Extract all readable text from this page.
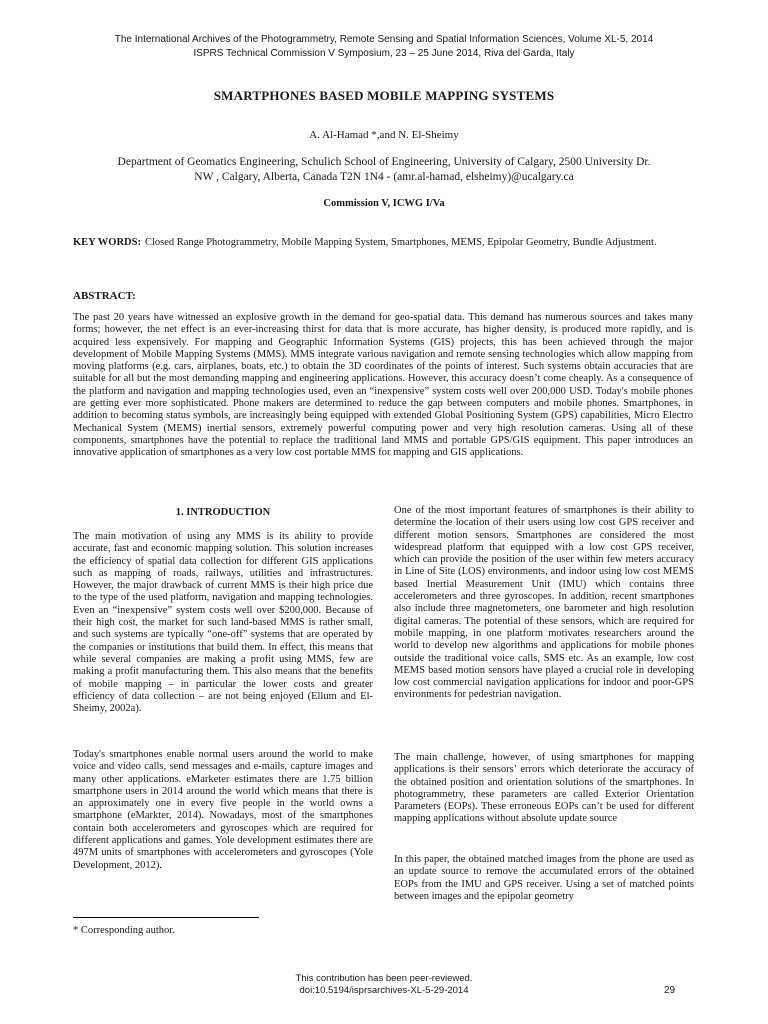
The International Archives of the Photogrammetry, Remote Sensing and Spatial Information Sciences, Volume XL-5, 2014
ISPRS Technical Commission V Symposium, 23 – 25 June 2014, Riva del Garda, Italy
SMARTPHONES BASED MOBILE MAPPING SYSTEMS
A. Al-Hamad *,and N. El-Sheimy
Department of Geomatics Engineering, Schulich School of Engineering, University of Calgary, 2500 University Dr.
NW , Calgary, Alberta, Canada T2N 1N4 - (amr.al-hamad, elsheimy)@ucalgary.ca
Commission V, ICWG I/Va
KEY WORDS: Closed Range Photogrammetry, Mobile Mapping System, Smartphones, MEMS, Epipolar Geometry, Bundle Adjustment.
ABSTRACT:
The past 20 years have witnessed an explosive growth in the demand for geo-spatial data. This demand has numerous sources and takes many forms; however, the net effect is an ever-increasing thirst for data that is more accurate, has higher density, is produced more rapidly, and is acquired less expensively. For mapping and Geographic Information Systems (GIS) projects, this has been achieved through the major development of Mobile Mapping Systems (MMS). MMS integrate various navigation and remote sensing technologies which allow mapping from moving platforms (e.g. cars, airplanes, boats, etc.) to obtain the 3D coordinates of the points of interest. Such systems obtain accuracies that are suitable for all but the most demanding mapping and engineering applications. However, this accuracy doesn’t come cheaply. As a consequence of the platform and navigation and mapping technologies used, even an “inexpensive” system costs well over 200,000 USD. Today's mobile phones are getting ever more sophisticated. Phone makers are determined to reduce the gap between computers and mobile phones. Smartphones, in addition to becoming status symbols, are increasingly being equipped with extended Global Positioning System (GPS) capabilities, Micro Electro Mechanical System (MEMS) inertial sensors, extremely powerful computing power and very high resolution cameras. Using all of these components, smartphones have the potential to replace the traditional land MMS and portable GPS/GIS equipment. This paper introduces an innovative application of smartphones as a very low cost portable MMS for mapping and GIS applications.
1. INTRODUCTION
The main motivation of using any MMS is its ability to provide accurate, fast and economic mapping solution. This solution increases the efficiency of spatial data collection for different GIS applications such as mapping of roads, railways, utilities and infrastructures. However, the major drawback of current MMS is their high price due to the type of the used platform, navigation and mapping technologies. Even an “inexpensive” system costs well over $200,000. Because of their high cost, the market for such land-based MMS is rather small, and such systems are typically “one-off” systems that are operated by the companies or institutions that build them. In effect, this means that while several companies are making a profit using MMS, few are making a profit manufacturing them. This also means that the benefits of mobile mapping – in particular the lower costs and greater efficiency of data collection – are not being enjoyed (Ellum and El-Sheimy, 2002a).
Today's smartphones enable normal users around the world to make voice and video calls, send messages and e-mails, capture images and many other applications. eMarketer estimates there are 1.75 billion smartphone users in 2014 around the world which means that there is an approximately one in every five people in the world owns a smartphone (eMarkter, 2014). Nowadays, most of the smartphones contain both accelerometers and gyroscopes which are required for different applications and games. Yole development estimates there are 497M units of smartphones with accelerometers and gyroscopes (Yole Development, 2012).
* Corresponding author.
One of the most important features of smartphones is their ability to determine the location of their users using low cost GPS receiver and different motion sensors. Smartphones are considered the most widespread platform that equipped with a low cost GPS receiver, which can provide the position of the user within few meters accuracy in Line of Site (LOS) environments, and indoor using low cost MEMS based Inertial Measurement Unit (IMU) which contains three accelerometers and three gyroscopes. In addition, recent smartphones also include three magnetometers, one barometer and high resolution digital cameras. The potential of these sensors, which are required for mobile mapping, in one platform motivates researchers around the world to develop new algorithms and applications for mobile phones outside the traditional voice calls, SMS etc. As an example, low cost MEMS based motion sensors have played a crucial role in developing low cost commercial navigation applications for indoor and poor-GPS environments for pedestrian navigation.
The main challenge, however, of using smartphones for mapping applications is their sensors’ errors which deteriorate the accuracy of the obtained position and orientation solutions of the smartphones. In photogrammetry, these parameters are called Exterior Orientation Parameters (EOPs). These erroneous EOPs can’t be used for different mapping applications without absolute update source
In this paper, the obtained matched images from the phone are used as an update source to remove the accumulated errors of the obtained EOPs from the IMU and GPS receiver. Using a set of matched points between images and the epipolar geometry
This contribution has been peer-reviewed.
doi:10.5194/isprsarchives-XL-5-29-2014	29
